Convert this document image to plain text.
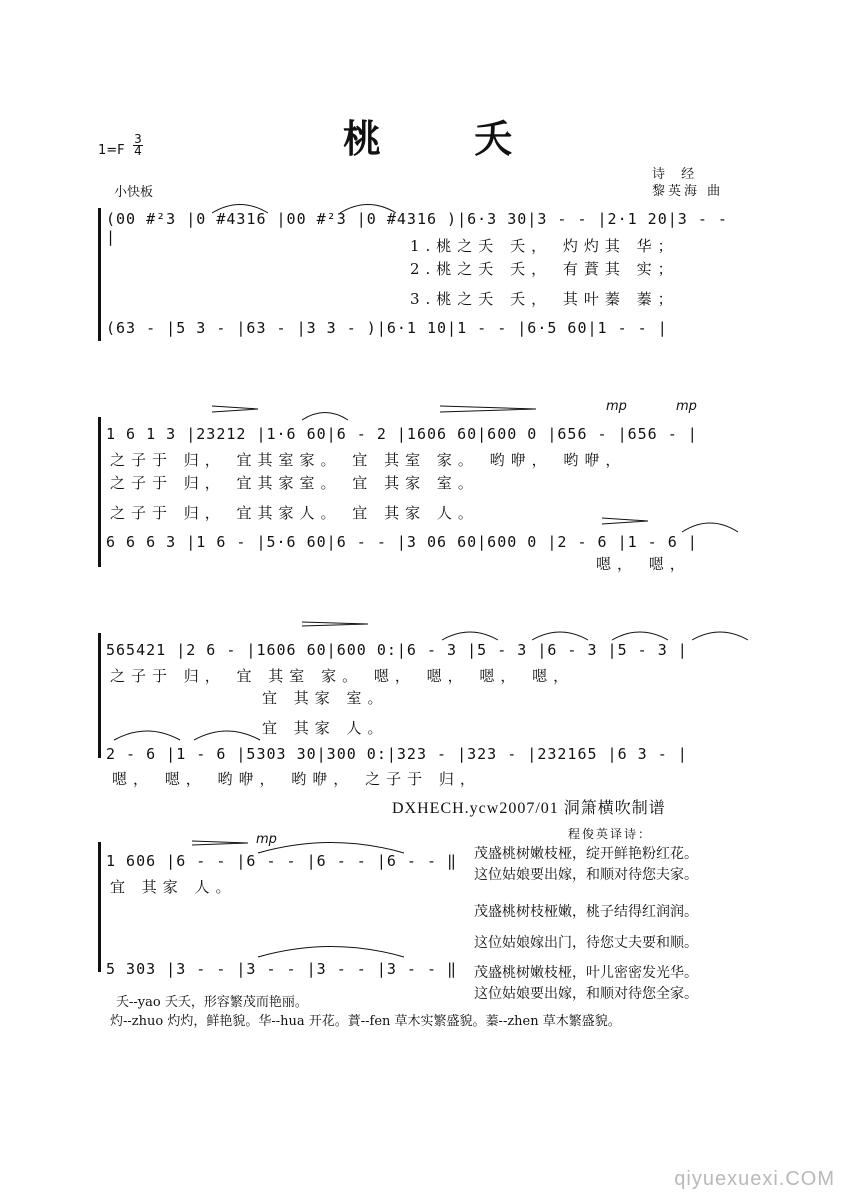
桃 夭
1=F
3
4
小快板
诗 经
黎英海 曲
(00 #²3 |0 #4316 |00 #²3 |0 #4316 )|6·3 30|3 - - |2·1 20|3 - - |	1.桃之夭 夭， 灼灼其 华；
2.桃之夭 夭， 有蕡其 实；
3.桃之夭 夭， 其叶蓁 蓁；
(63 - |5 3 - |63 - |3 3 - )|6·1 10|1 - - |6·5 60|1 - - |
mp	mp
1 6 1 3 |23212 |1·6 60|6 - 2 |1606 60|600 0 |656 - |656 - |
之子于 归， 宜其室家。 宜 其室 家。 哟咿， 哟咿，
之子于 归， 宜其家室。 宜 其家 室。
之子于 归， 宜其家人。 宜 其家 人。
6 6 6 3 |1 6 - |5·6 60|6 - - |3 06 60|600 0 |2 - 6 |1 - 6 |
嗯， 嗯，
565421 |2 6 - |1606 60|600 0:|6 - 3 |5 - 3 |6 - 3 |5 - 3 |
之子于 归， 宜 其室 家。 嗯， 嗯， 嗯， 嗯，
宜 其家 室。
宜 其家 人。
2 - 6 |1 - 6 |5303 30|300 0:|323 - |323 - |232165 |6 3 - |
嗯， 嗯， 哟咿， 哟咿， 之子于 归，
DXHECH.ycw2007/01 洞箫横吹制谱
mp
1 606 |6 - - |6 - - |6 - - |6 - - ‖
宜 其家 人。
5 303 |3 - - |3 - - |3 - - |3 - - ‖
程俊英译诗：
茂盛桃树嫩枝桠，绽开鲜艳粉红花。
这位姑娘要出嫁，和顺对待您夫家。
茂盛桃树枝桠嫩，桃子结得红润润。
这位姑娘嫁出门，待您丈夫要和顺。
茂盛桃树嫩枝桠，叶儿密密发光华。
这位姑娘要出嫁，和顺对待您全家。
夭--yao 夭夭，形容繁茂而艳丽。
灼--zhuo 灼灼，鲜艳貌。华--hua 开花。蕡--fen 草木实繁盛貌。蓁--zhen 草木繁盛貌。
qiyuexuexi.COM
